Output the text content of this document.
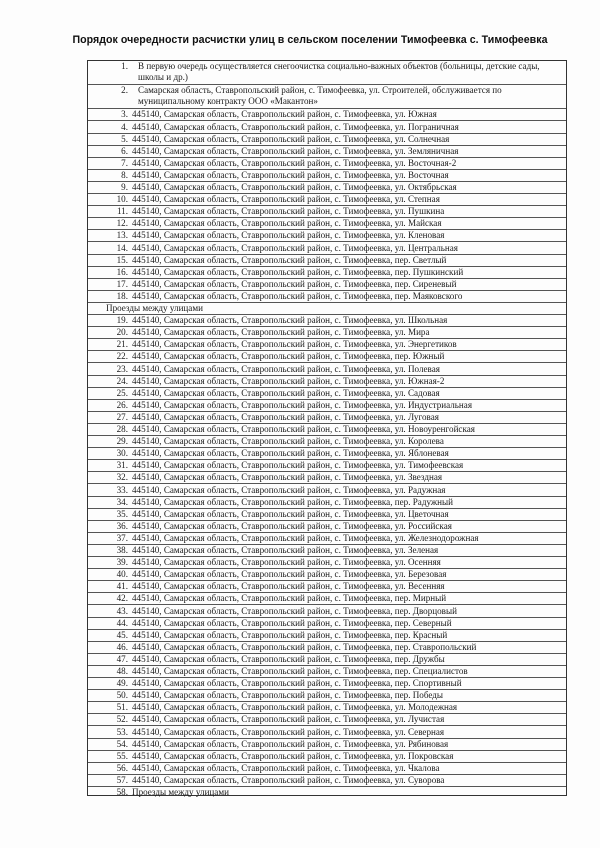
Порядок очередности расчистки улиц в сельском поселении Тимофеевка с. Тимофеевка
1.	В первую очередь осуществляется снегоочистка социально-важных объектов (больницы, детские сады, школы и др.)
2.	Самарская область, Ставропольский район, с. Тимофеевка, ул. Строителей, обслуживается по муниципальному контракту ООО «Макантон»
3. 445140, Самарская область, Ставропольский район, с. Тимофеевка, ул. Южная
4. 445140, Самарская область, Ставропольский район, с. Тимофеевка, ул. Пограничная
5. 445140, Самарская область, Ставропольский район, с. Тимофеевка, ул. Солнечная
6. 445140, Самарская область, Ставропольский район, с. Тимофеевка, ул. Земляничная
7. 445140, Самарская область, Ставропольский район, с. Тимофеевка, ул. Восточная-2
8. 445140, Самарская область, Ставропольский район, с. Тимофеевка, ул. Восточная
9. 445140, Самарская область, Ставропольский район, с. Тимофеевка, ул. Октябрьская
10. 445140, Самарская область, Ставропольский район, с. Тимофеевка, ул. Степная
11. 445140, Самарская область, Ставропольский район, с. Тимофеевка, ул. Пушкина
12. 445140, Самарская область, Ставропольский район, с. Тимофеевка, ул. Майская
13. 445140, Самарская область, Ставропольский район, с. Тимофеевка, ул. Кленовая
14. 445140, Самарская область, Ставропольский район, с. Тимофеевка, ул. Центральная
15. 445140, Самарская область, Ставропольский район, с. Тимофеевка, пер. Светлый
16. 445140, Самарская область, Ставропольский район, с. Тимофеевка, пер. Пушкинский
17. 445140, Самарская область, Ставропольский район, с. Тимофеевка, пер. Сиреневый
18. 445140, Самарская область, Ставропольский район, с. Тимофеевка, пер. Маяковского
Проезды между улицами
19. 445140, Самарская область, Ставропольский район, с. Тимофеевка, ул. Школьная
20. 445140, Самарская область, Ставропольский район, с. Тимофеевка, ул. Мира
21. 445140, Самарская область, Ставропольский район, с. Тимофеевка, ул. Энергетиков
22. 445140, Самарская область, Ставропольский район, с. Тимофеевка, пер. Южный
23. 445140, Самарская область, Ставропольский район, с. Тимофеевка, ул. Полевая
24. 445140, Самарская область, Ставропольский район, с. Тимофеевка, ул. Южная-2
25. 445140, Самарская область, Ставропольский район, с. Тимофеевка, ул. Садовая
26. 445140, Самарская область, Ставропольский район, с. Тимофеевка, ул. Индустриальная
27. 445140, Самарская область, Ставропольский район, с. Тимофеевка, ул. Луговая
28. 445140, Самарская область, Ставропольский район, с. Тимофеевка, ул. Новоуренгойская
29. 445140, Самарская область, Ставропольский район, с. Тимофеевка, ул. Королева
30. 445140, Самарская область, Ставропольский район, с. Тимофеевка, ул. Яблоневая
31. 445140, Самарская область, Ставропольский район, с. Тимофеевка, ул. Тимофеевская
32. 445140, Самарская область, Ставропольский район, с. Тимофеевка, ул. Звездная
33. 445140, Самарская область, Ставропольский район, с. Тимофеевка, ул. Радужная
34. 445140, Самарская область, Ставропольский район, с. Тимофеевка, пер. Радужный
35. 445140, Самарская область, Ставропольский район, с. Тимофеевка, ул. Цветочная
36. 445140, Самарская область, Ставропольский район, с. Тимофеевка, ул. Российская
37. 445140, Самарская область, Ставропольский район, с. Тимофеевка, ул. Железнодорожная
38. 445140, Самарская область, Ставропольский район, с. Тимофеевка, ул. Зеленая
39. 445140, Самарская область, Ставропольский район, с. Тимофеевка, ул. Осенняя
40. 445140, Самарская область, Ставропольский район, с. Тимофеевка, ул. Березовая
41. 445140, Самарская область, Ставропольский район, с. Тимофеевка, ул. Весенняя
42. 445140, Самарская область, Ставропольский район, с. Тимофеевка, пер. Мирный
43. 445140, Самарская область, Ставропольский район, с. Тимофеевка, пер. Дворцовый
44. 445140, Самарская область, Ставропольский район, с. Тимофеевка, пер. Северный
45. 445140, Самарская область, Ставропольский район, с. Тимофеевка, пер. Красный
46. 445140, Самарская область, Ставропольский район, с. Тимофеевка, пер. Ставропольский
47. 445140, Самарская область, Ставропольский район, с. Тимофеевка, пер. Дружбы
48. 445140, Самарская область, Ставропольский район, с. Тимофеевка, пер. Специалистов
49. 445140, Самарская область, Ставропольский район, с. Тимофеевка, пер. Спортивный
50. 445140, Самарская область, Ставропольский район, с. Тимофеевка, пер. Победы
51. 445140, Самарская область, Ставропольский район, с. Тимофеевка, ул. Молодежная
52. 445140, Самарская область, Ставропольский район, с. Тимофеевка, ул. Лучистая
53. 445140, Самарская область, Ставропольский район, с. Тимофеевка, ул. Северная
54. 445140, Самарская область, Ставропольский район, с. Тимофеевка, ул. Рябиновая
55. 445140, Самарская область, Ставропольский район, с. Тимофеевка, ул. Покровская
56. 445140, Самарская область, Ставропольский район, с. Тимофеевка, ул. Чкалова
57. 445140, Самарская область, Ставропольский район, с. Тимофеевка, ул. Суворова
58. Проезды между улицами
